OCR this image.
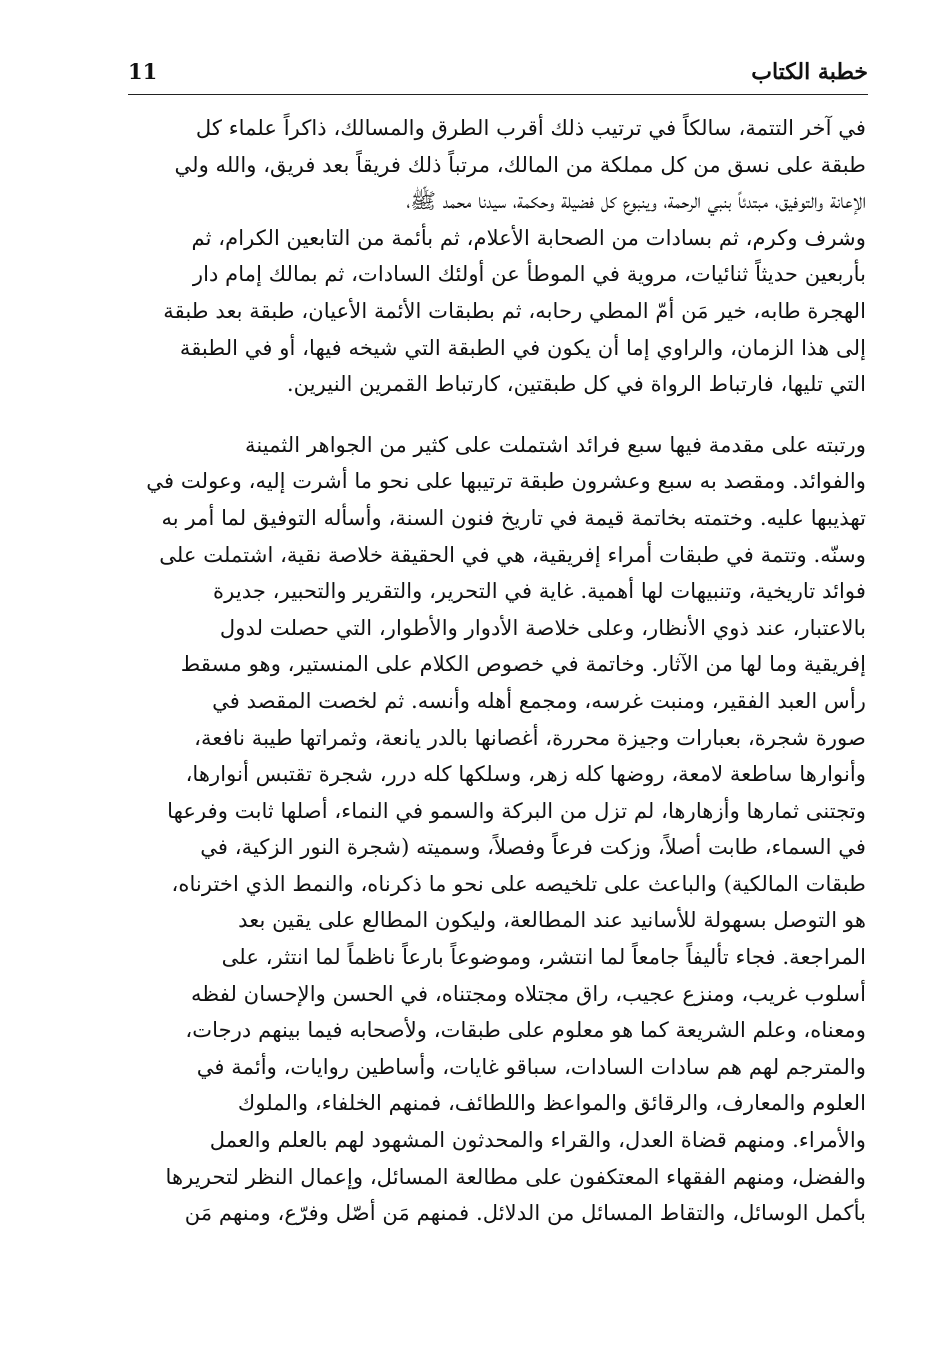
خطبة الكتاب
11
في آخر التتمة، سالكاً في ترتيب ذلك أقرب الطرق والمسالك، ذاكراً علماء كل
طبقة على نسق من كل مملكة من المالك، مرتباً ذلك فريقاً بعد فريق، والله ولي
الإعانة والتوفيق، مبتدئاً بنبي الرحمة، وينبوع كل فضيلة وحكمة، سيدنا محمد ﷺ،
وشرف وكرم، ثم بسادات من الصحابة الأعلام، ثم بأئمة من التابعين الكرام، ثم
بأربعين حديثاً ثنائيات، مروية في الموطأ عن أولئك السادات، ثم بمالك إمام دار
الهجرة طابه، خير مَن أمّ المطي رحابه، ثم بطبقات الأئمة الأعيان، طبقة بعد طبقة
إلى هذا الزمان، والراوي إما أن يكون في الطبقة التي شيخه فيها، أو في الطبقة
التي تليها، فارتباط الرواة في كل طبقتين، كارتباط القمرين النيرين.
ورتبته على مقدمة فيها سبع فرائد اشتملت على كثير من الجواهر الثمينة
والفوائد. ومقصد به سبع وعشرون طبقة ترتيبها على نحو ما أشرت إليه، وعولت في
تهذيبها عليه. وختمته بخاتمة قيمة في تاريخ فنون السنة، وأسأله التوفيق لما أمر به
وسنّه. وتتمة في طبقات أمراء إفريقية، هي في الحقيقة خلاصة نقية، اشتملت على
فوائد تاريخية، وتنبيهات لها أهمية. غاية في التحرير، والتقرير والتحبير، جديرة
بالاعتبار، عند ذوي الأنظار، وعلى خلاصة الأدوار والأطوار، التي حصلت لدول
إفريقية وما لها من الآثار. وخاتمة في خصوص الكلام على المنستير، وهو مسقط
رأس العبد الفقير، ومنبت غرسه، ومجمع أهله وأنسه. ثم لخصت المقصد في
صورة شجرة، بعبارات وجيزة محررة، أغصانها بالدر يانعة، وثمراتها طيبة نافعة،
وأنوارها ساطعة لامعة، روضها كله زهر، وسلكها كله درر، شجرة تقتبس أنوارها،
وتجتنى ثمارها وأزهارها، لم تزل من البركة والسمو في النماء، أصلها ثابت وفرعها
في السماء، طابت أصلاً، وزكت فرعاً وفصلاً، وسميته (شجرة النور الزكية، في
طبقات المالكية) والباعث على تلخيصه على نحو ما ذكرناه، والنمط الذي اخترناه،
هو التوصل بسهولة للأسانيد عند المطالعة، وليكون المطالع على يقين بعد
المراجعة. فجاء تأليفاً جامعاً لما انتشر، وموضوعاً بارعاً ناظماً لما انتثر، على
أسلوب غريب، ومنزع عجيب، راق مجتلاه ومجتناه، في الحسن والإحسان لفظه
ومعناه، وعلم الشريعة كما هو معلوم على طبقات، ولأصحابه فيما بينهم درجات،
والمترجم لهم هم سادات السادات، سباقو غايات، وأساطين روايات، وأئمة في
العلوم والمعارف، والرقائق والمواعظ واللطائف، فمنهم الخلفاء، والملوك
والأمراء. ومنهم قضاة العدل، والقراء والمحدثون المشهود لهم بالعلم والعمل
والفضل، ومنهم الفقهاء المعتكفون على مطالعة المسائل، وإعمال النظر لتحريرها
بأكمل الوسائل، والتقاط المسائل من الدلائل. فمنهم مَن أصّل وفرّع، ومنهم مَن
